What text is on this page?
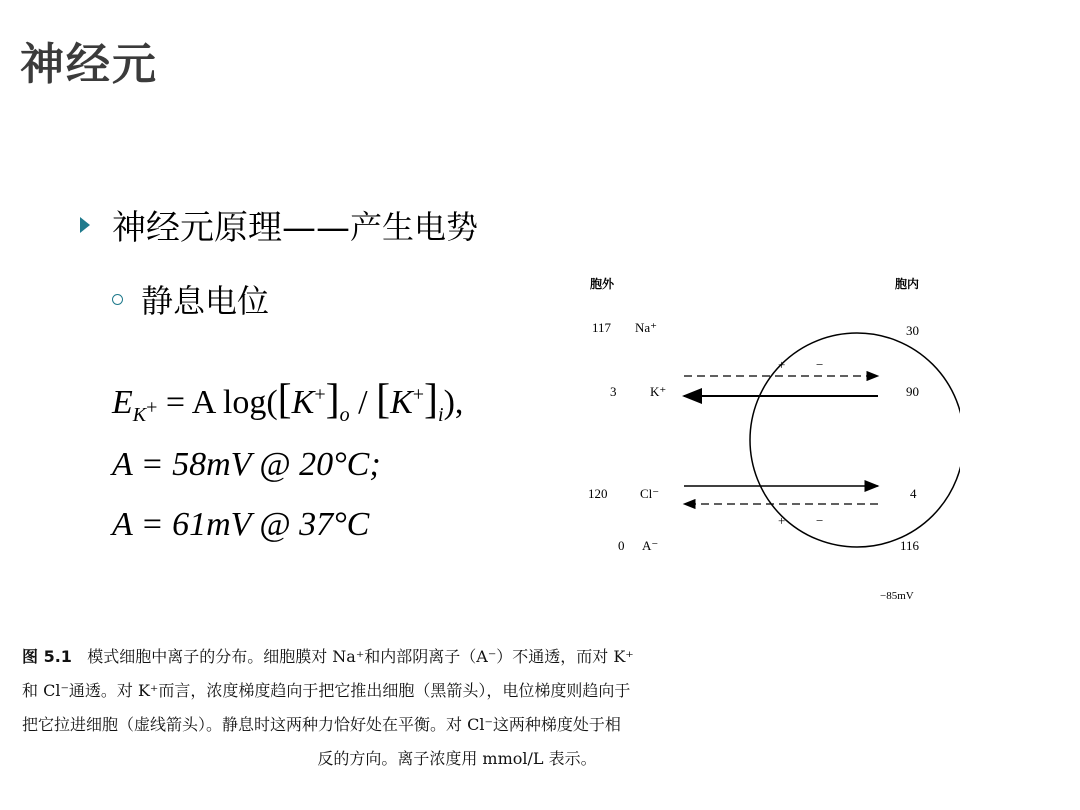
神经元
神经元原理—— 产生电势
静息电位
$E_{K+} = A$ $\log([K^+]_o / [K^+]_i)$,
A = 58mV @ 20°C;
A = 61mV @ 37°C
胞外	胞内
117 Na⁺	30
3	K⁺	90
120	Cl⁻	4
0 A⁻	116
+ −
+ −
−85mV
图 5.1 模式细胞中离子的分布。细胞膜对 Na⁺和内部阴离子（A⁻）不通透，而对 K⁺
和 Cl⁻通透。对 K⁺而言，浓度梯度趋向于把它推出细胞（黑箭头），电位梯度则趋向于
把它拉进细胞（虚线箭头）。静息时这两种力恰好处在平衡。对 Cl⁻这两种梯度处于相
反的方向。离子浓度用 mmol/L 表示。
